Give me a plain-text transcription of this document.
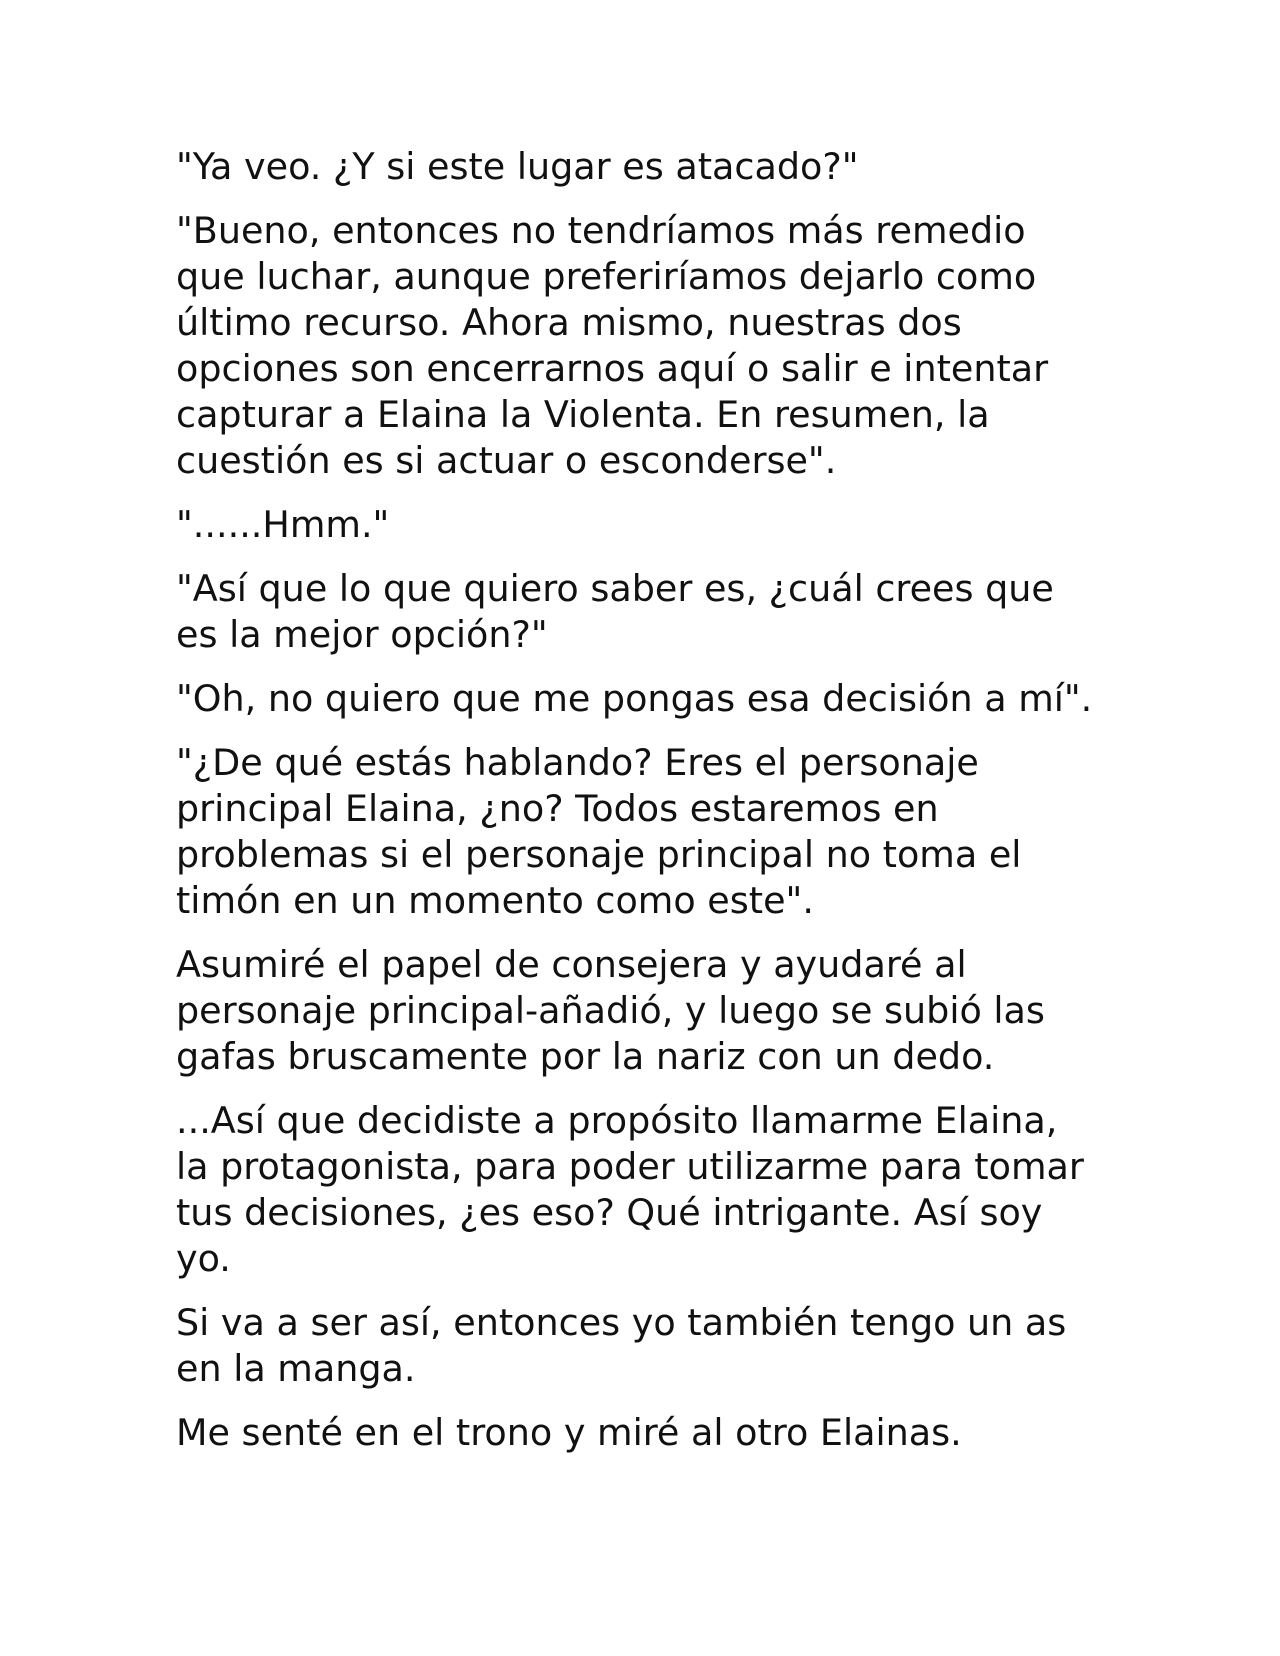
"Ya veo. ¿Y si este lugar es atacado?"

"Bueno, entonces no tendríamos más remedio que luchar, aunque preferiríamos dejarlo como último recurso. Ahora mismo, nuestras dos opciones son encerrarnos aquí o salir e intentar capturar a Elaina la Violenta. En resumen, la cuestión es si actuar o esconderse".

"......Hmm."

"Así que lo que quiero saber es, ¿cuál crees que es la mejor opción?"

"Oh, no quiero que me pongas esa decisión a mí".

"¿De qué estás hablando? Eres el personaje principal Elaina, ¿no? Todos estaremos en problemas si el personaje principal no toma el timón en un momento como este".

Asumiré el papel de consejera y ayudaré al personaje principal-añadió, y luego se subió las gafas bruscamente por la nariz con un dedo.

...Así que decidiste a propósito llamarme Elaina, la protagonista, para poder utilizarme para tomar tus decisiones, ¿es eso? Qué intrigante. Así soy yo.

Si va a ser así, entonces yo también tengo un as en la manga.

Me senté en el trono y miré al otro Elainas.
